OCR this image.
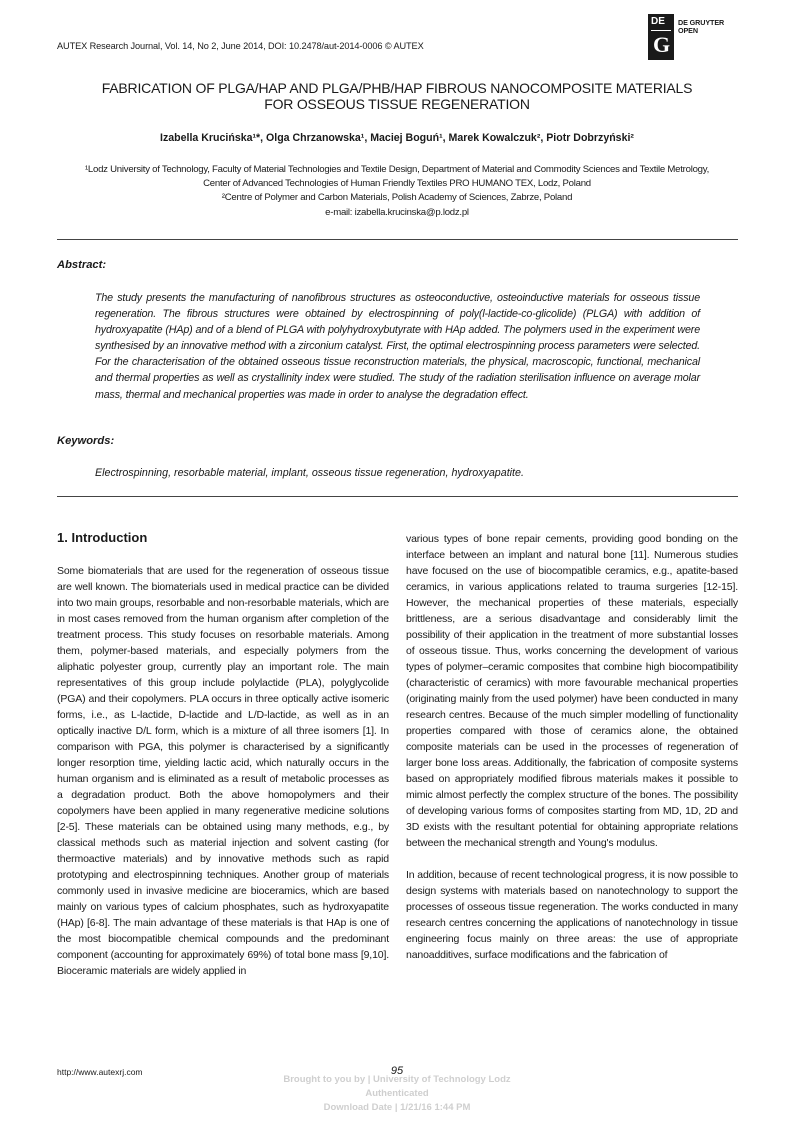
AUTEX Research Journal, Vol. 14, No 2, June 2014, DOI: 10.2478/aut-2014-0006 © AUTEX
DE
G
DE GRUYTER
OPEN
FABRICATION OF PLGA/HAP AND PLGA/PHB/HAP FIBROUS NANOCOMPOSITE MATERIALS
FOR OSSEOUS TISSUE REGENERATION
Izabella Krucińska¹*, Olga Chrzanowska¹, Maciej Boguń¹, Marek Kowalczuk², Piotr Dobrzyński²
¹Lodz University of Technology, Faculty of Material Technologies and Textile Design, Department of Material and Commodity Sciences and Textile Metrology,
Center of Advanced Technologies of Human Friendly Textiles PRO HUMANO TEX, Lodz, Poland
²Centre of Polymer and Carbon Materials, Polish Academy of Sciences, Zabrze, Poland
e-mail: izabella.krucinska@p.lodz.pl
Abstract:
The study presents the manufacturing of nanofibrous structures as osteoconductive, osteoinductive materials for osseous tissue regeneration. The fibrous structures were obtained by electrospinning of poly(l-lactide-co-glicolide) (PLGA) with addition of hydroxyapatite (HAp) and of a blend of PLGA with polyhydroxybutyrate with HAp added. The polymers used in the experiment were synthesised by an innovative method with a zirconium catalyst. First, the optimal electrospinning process parameters were selected. For the characterisation of the obtained osseous tissue reconstruction materials, the physical, macroscopic, functional, mechanical and thermal properties as well as crystallinity index were studied. The study of the radiation sterilisation influence on average molar mass, thermal and mechanical properties was made in order to analyse the degradation effect.
Keywords:
Electrospinning, resorbable material, implant, osseous tissue regeneration, hydroxyapatite.
1. Introduction

Some biomaterials that are used for the regeneration of osseous tissue are well known. The biomaterials used in medical practice can be divided into two main groups, resorbable and non-resorbable materials, which are in most cases removed from the human organism after completion of the treatment process. This study focuses on resorbable materials. Among them, polymer-based materials, and especially polymers from the aliphatic polyester group, currently play an important role. The main representatives of this group include polylactide (PLA), polyglycolide (PGA) and their copolymers. PLA occurs in three optically active isomeric forms, i.e., as L-lactide, D-lactide and L/D-lactide, as well as in an optically inactive D/L form, which is a mixture of all three isomers [1]. In comparison with PGA, this polymer is characterised by a significantly longer resorption time, yielding lactic acid, which naturally occurs in the human organism and is eliminated as a result of metabolic processes as a degradation product. Both the above homopolymers and their copolymers have been applied in many regenerative medicine solutions [2-5]. These materials can be obtained using many methods, e.g., by classical methods such as material injection and solvent casting (for thermoactive materials) and by innovative methods such as rapid prototyping and electrospinning techniques. Another group of materials commonly used in invasive medicine are bioceramics, which are based mainly on various types of calcium phosphates, such as hydroxyapatite (HAp) [6-8]. The main advantage of these materials is that HAp is one of the most biocompatible chemical compounds and the predominant component (accounting for approximately 69%) of total bone mass [9,10]. Bioceramic materials are widely applied in

various types of bone repair cements, providing good bonding on the interface between an implant and natural bone [11]. Numerous studies have focused on the use of biocompatible ceramics, e.g., apatite-based ceramics, in various applications related to trauma surgeries [12-15]. However, the mechanical properties of these materials, especially brittleness, are a serious disadvantage and considerably limit the possibility of their application in the treatment of more substantial losses of osseous tissue. Thus, works concerning the development of various types of polymer–ceramic composites that combine high biocompatibility (characteristic of ceramics) with more favourable mechanical properties (originating mainly from the used polymer) have been conducted in many research centres. Because of the much simpler modelling of functionality properties compared with those of ceramics alone, the obtained composite materials can be used in the processes of regeneration of larger bone loss areas. Additionally, the fabrication of composite systems based on appropriately modified fibrous materials makes it possible to mimic almost perfectly the complex structure of the bones. The possibility of developing various forms of composites starting from MD, 1D, 2D and 3D exists with the resultant potential for obtaining appropriate relations between the mechanical strength and Young's modulus.

In addition, because of recent technological progress, it is now possible to design systems with materials based on nanotechnology to support the processes of osseous tissue regeneration. The works conducted in many research centres concerning the applications of nanotechnology in tissue engineering focus mainly on three areas: the use of appropriate nanoadditives, surface modifications and the fabrication of

http://www.autexrj.com	95
Brought to you by | University of Technology Lodz
Authenticated
Download Date | 1/21/16 1:44 PM
